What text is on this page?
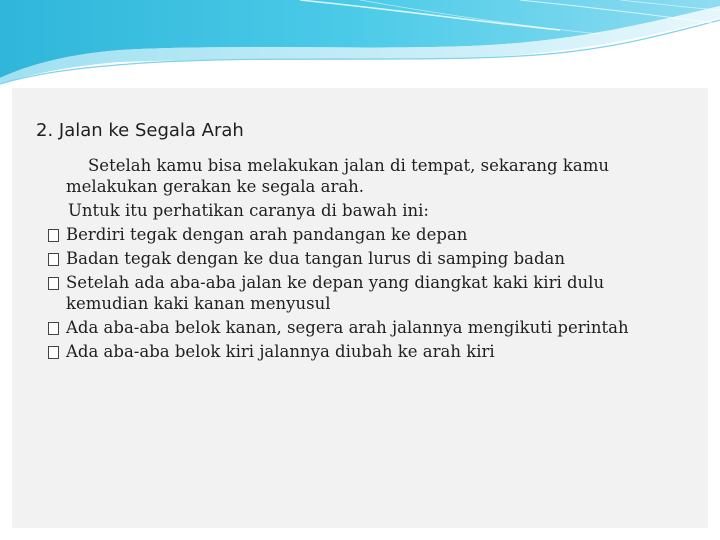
2. Jalan ke Segala Arah

Setelah kamu bisa melakukan jalan di tempat, sekarang kamu melakukan gerakan ke segala arah.

Untuk itu perhatikan caranya di bawah ini:

Berdiri tegak dengan arah pandangan ke depan
Badan tegak dengan ke dua tangan lurus di samping badan
Setelah ada aba-aba jalan ke depan yang diangkat kaki kiri dulu kemudian kaki kanan menyusul
Ada aba-aba belok kanan, segera arah jalannya mengikuti perintah
Ada aba-aba belok kiri jalannya diubah ke arah kiri
